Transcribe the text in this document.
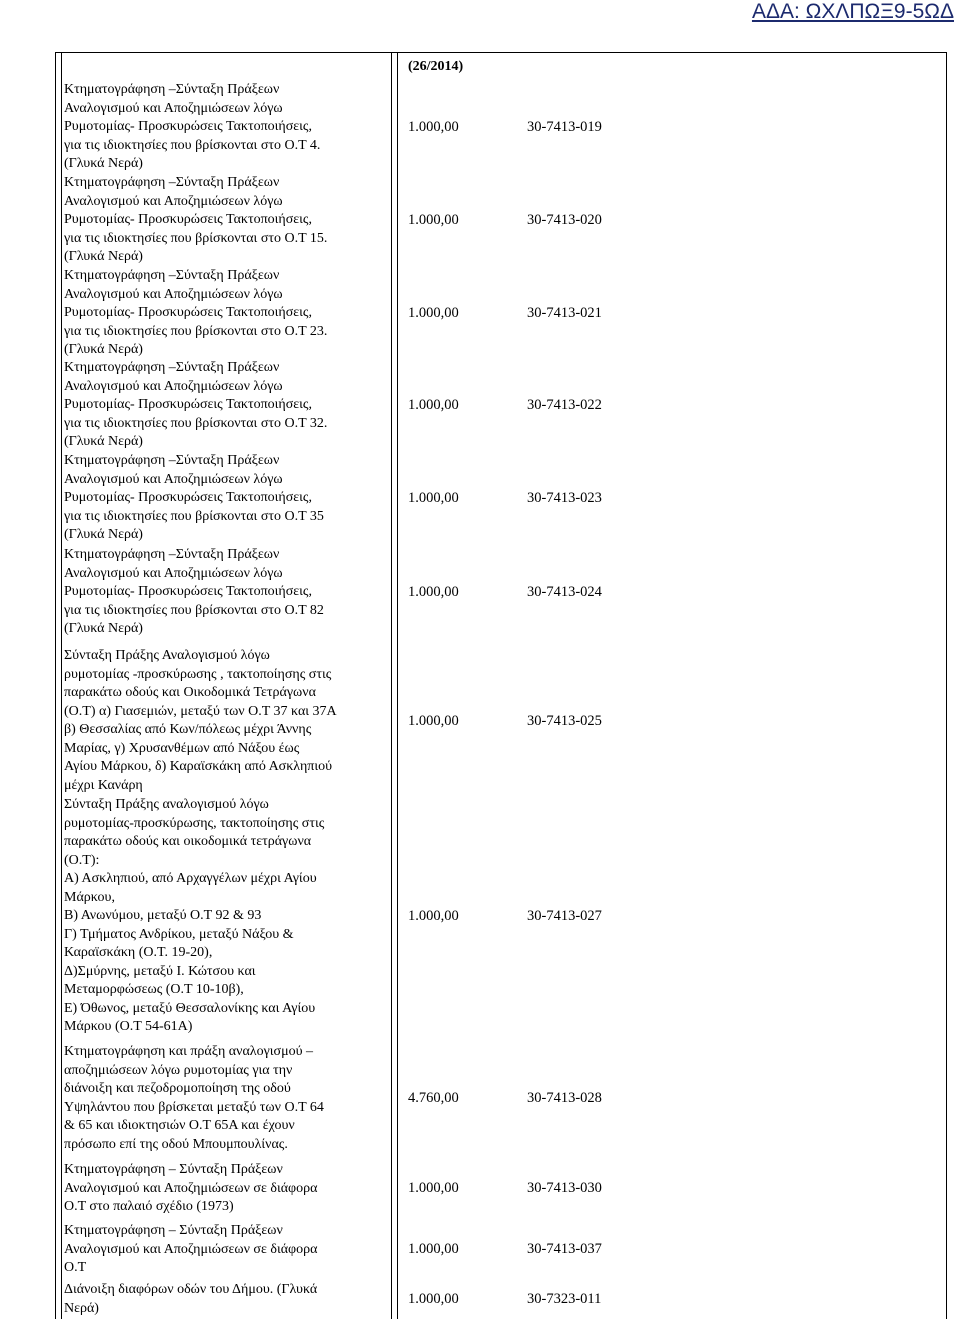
ΑΔΑ: ΩΧΛΠΩΞ9-5ΩΔ
(26/2014)
Κτηματογράφηση –Σύνταξη Πράξεων
Αναλογισμού και Αποζημιώσεων λόγω
Ρυμοτομίας- Προσκυρώσεις Τακτοποιήσεις,
για τις ιδιοκτησίες που βρίσκονται στο Ο.Τ 4.
(Γλυκά Νερά)
1.000,00	30-7413-019
Κτηματογράφηση –Σύνταξη Πράξεων
Αναλογισμού και Αποζημιώσεων λόγω
Ρυμοτομίας- Προσκυρώσεις Τακτοποιήσεις,
για τις ιδιοκτησίες που βρίσκονται στο Ο.Τ 15.
(Γλυκά Νερά)
1.000,00	30-7413-020
Κτηματογράφηση –Σύνταξη Πράξεων
Αναλογισμού και Αποζημιώσεων λόγω
Ρυμοτομίας- Προσκυρώσεις Τακτοποιήσεις,
για τις ιδιοκτησίες που βρίσκονται στο Ο.Τ 23.
(Γλυκά Νερά)
1.000,00	30-7413-021
Κτηματογράφηση –Σύνταξη Πράξεων
Αναλογισμού και Αποζημιώσεων λόγω
Ρυμοτομίας- Προσκυρώσεις Τακτοποιήσεις,
για τις ιδιοκτησίες που βρίσκονται στο Ο.Τ 32.
(Γλυκά Νερά)
1.000,00	30-7413-022
Κτηματογράφηση –Σύνταξη Πράξεων
Αναλογισμού και Αποζημιώσεων λόγω
Ρυμοτομίας- Προσκυρώσεις Τακτοποιήσεις,
για τις ιδιοκτησίες που βρίσκονται στο Ο.Τ 35
(Γλυκά Νερά)
1.000,00	30-7413-023
Κτηματογράφηση –Σύνταξη Πράξεων
Αναλογισμού και Αποζημιώσεων λόγω
Ρυμοτομίας- Προσκυρώσεις Τακτοποιήσεις,
για τις ιδιοκτησίες που βρίσκονται στο Ο.Τ 82
(Γλυκά Νερά)
1.000,00	30-7413-024
Σύνταξη Πράξης Αναλογισμού λόγω
ρυμοτομίας -προσκύρωσης , τακτοποίησης στις
παρακάτω οδούς και Οικοδομικά Τετράγωνα
(Ο.Τ) α) Γιασεμιών, μεταξύ των Ο.Τ 37 και 37Α
β) Θεσσαλίας από Κων/πόλεως μέχρι Άννης
Μαρίας, γ) Χρυσανθέμων από Νάξου έως
Αγίου Μάρκου, δ) Καραϊσκάκη από Ασκληπιού
μέχρι Κανάρη
1.000,00	30-7413-025
Σύνταξη Πράξης αναλογισμού λόγω
ρυμοτομίας-προσκύρωσης, τακτοποίησης στις
παρακάτω οδούς και οικοδομικά τετράγωνα
(Ο.Τ):
Α) Ασκληπιού, από Αρχαγγέλων μέχρι Αγίου
Μάρκου,
Β) Ανωνύμου, μεταξύ Ο.Τ 92 & 93
Γ) Τμήματος Ανδρίκου, μεταξύ Νάξου &
Καραϊσκάκη (Ο.Τ. 19-20),
Δ)Σμύρνης, μεταξύ Ι. Κώτσου και
Μεταμορφώσεως (Ο.Τ 10-10β),
Ε) Όθωνος, μεταξύ Θεσσαλονίκης και Αγίου
Μάρκου (Ο.Τ 54-61Α)
1.000,00	30-7413-027
Κτηματογράφηση και πράξη αναλογισμού –
αποζημιώσεων λόγω ρυμοτομίας για την
διάνοιξη και πεζοδρομοποίηση της οδού
Υψηλάντου που βρίσκεται μεταξύ των Ο.Τ 64
& 65 και ιδιοκτησιών Ο.Τ 65Α και έχουν
πρόσωπο επί της οδού Μπουμπουλίνας.
4.760,00	30-7413-028
Κτηματογράφηση – Σύνταξη Πράξεων
Αναλογισμού και Αποζημιώσεων σε διάφορα
Ο.Τ στο παλαιό σχέδιο (1973)
1.000,00	30-7413-030
Κτηματογράφηση – Σύνταξη Πράξεων
Αναλογισμού και Αποζημιώσεων σε διάφορα
Ο.Τ
1.000,00	30-7413-037
Διάνοιξη διαφόρων οδών του Δήμου. (Γλυκά
Νερά)
1.000,00	30-7323-011
